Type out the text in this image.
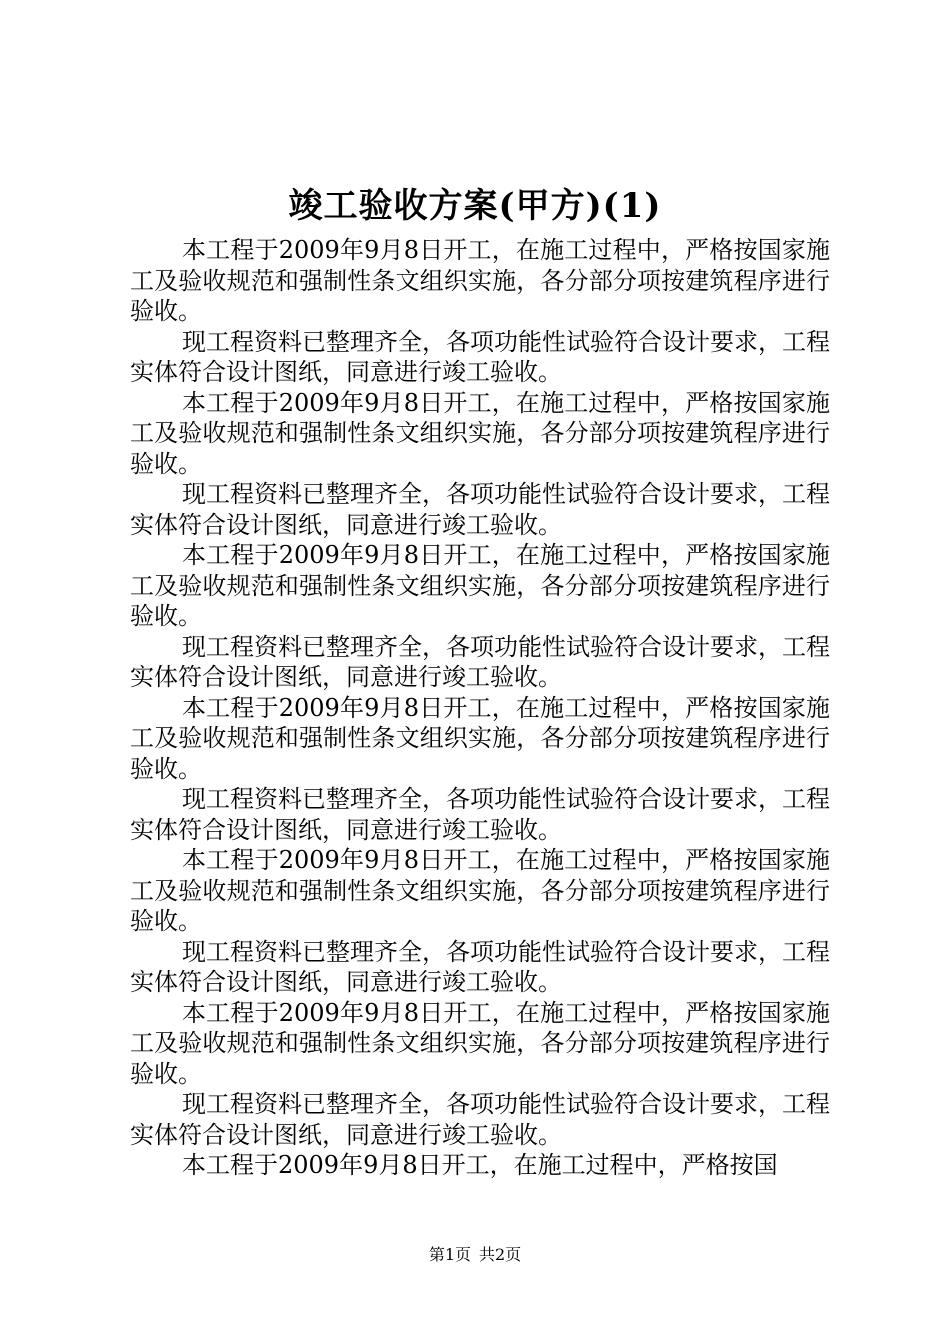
竣工验收方案(甲方)(1)

本工程于2009年9月8日开工，在施工过程中，严格按国家施工及验收规范和强制性条文组织实施，各分部分项按建筑程序进行验收。

现工程资料已整理齐全，各项功能性试验符合设计要求，工程实体符合设计图纸，同意进行竣工验收。

本工程于2009年9月8日开工，在施工过程中，严格按国家施工及验收规范和强制性条文组织实施，各分部分项按建筑程序进行验收。

现工程资料已整理齐全，各项功能性试验符合设计要求，工程实体符合设计图纸，同意进行竣工验收。

本工程于2009年9月8日开工，在施工过程中，严格按国家施工及验收规范和强制性条文组织实施，各分部分项按建筑程序进行验收。

现工程资料已整理齐全，各项功能性试验符合设计要求，工程实体符合设计图纸，同意进行竣工验收。

本工程于2009年9月8日开工，在施工过程中，严格按国家施工及验收规范和强制性条文组织实施，各分部分项按建筑程序进行验收。

现工程资料已整理齐全，各项功能性试验符合设计要求，工程实体符合设计图纸，同意进行竣工验收。

本工程于2009年9月8日开工，在施工过程中，严格按国家施工及验收规范和强制性条文组织实施，各分部分项按建筑程序进行验收。

现工程资料已整理齐全，各项功能性试验符合设计要求，工程实体符合设计图纸，同意进行竣工验收。

本工程于2009年9月8日开工，在施工过程中，严格按国家施工及验收规范和强制性条文组织实施，各分部分项按建筑程序进行验收。

现工程资料已整理齐全，各项功能性试验符合设计要求，工程实体符合设计图纸，同意进行竣工验收。

本工程于2009年9月8日开工，在施工过程中，严格按国

第1页 共2页
